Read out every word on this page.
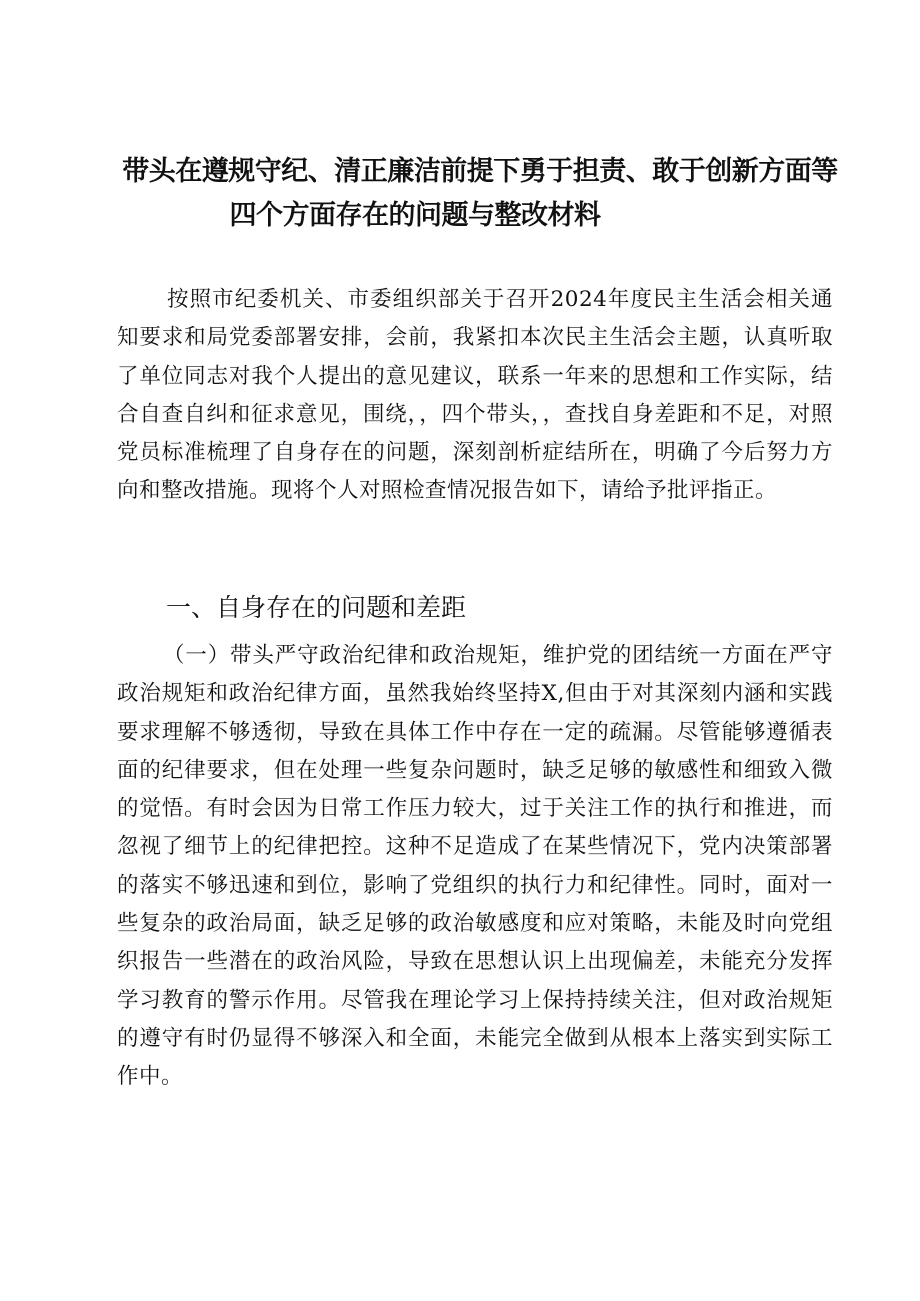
带头在遵规守纪、清正廉洁前提下勇于担责、敢于创新方面等
四个方面存在的问题与整改材料
按照市纪委机关、市委组织部关于召开2024年度民主生活会相关通知要求和局党委部署安排，会前，我紧扣本次民主生活会主题，认真听取了单位同志对我个人提出的意见建议，联系一年来的思想和工作实际，结合自查自纠和征求意见，围绕，，四个带头，，查找自身差距和不足，对照党员标准梳理了自身存在的问题，深刻剖析症结所在，明确了今后努力方向和整改措施。现将个人对照检查情况报告如下，请给予批评指正。
一、自身存在的问题和差距
（一）带头严守政治纪律和政治规矩，维护党的团结统一方面在严守政治规矩和政治纪律方面，虽然我始终坚持X,但由于对其深刻内涵和实践要求理解不够透彻，导致在具体工作中存在一定的疏漏。尽管能够遵循表面的纪律要求，但在处理一些复杂问题时，缺乏足够的敏感性和细致入微的觉悟。有时会因为日常工作压力较大，过于关注工作的执行和推进，而忽视了细节上的纪律把控。这种不足造成了在某些情况下，党内决策部署的落实不够迅速和到位，影响了党组织的执行力和纪律性。同时，面对一些复杂的政治局面，缺乏足够的政治敏感度和应对策略，未能及时向党组织报告一些潜在的政治风险，导致在思想认识上出现偏差，未能充分发挥学习教育的警示作用。尽管我在理论学习上保持持续关注，但对政治规矩的遵守有时仍显得不够深入和全面，未能完全做到从根本上落实到实际工作中。
